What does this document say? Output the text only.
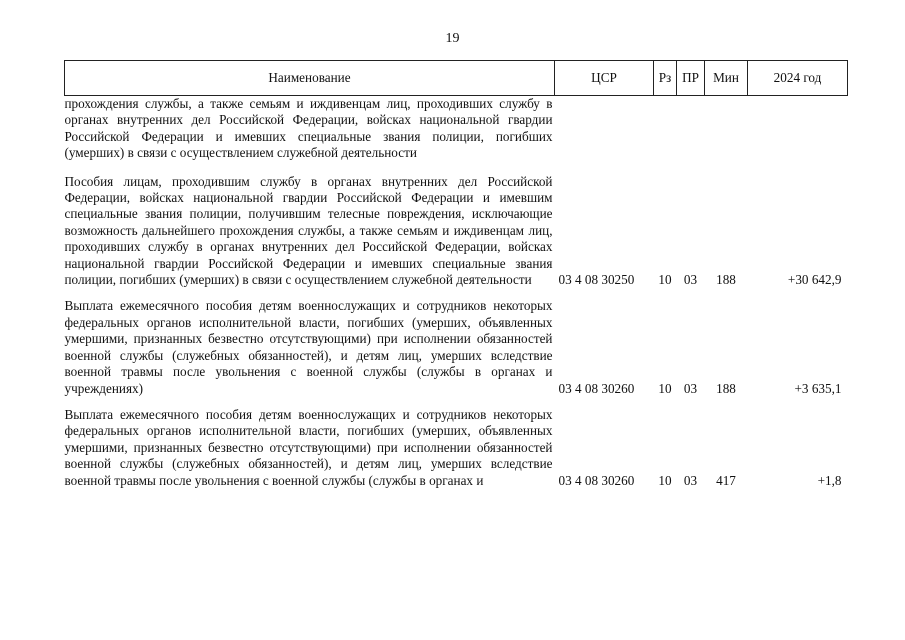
19
Наименование	ЦСР	Рз	ПР	Мин	2024 год
прохождения службы, а также семьям и иждивенцам лиц, проходивших службу в органах внутренних дел Российской Федерации, войсках национальной гвардии Российской Федерации и имевших специальные звания полиции, погибших (умерших) в связи с осуществлением служебной деятельности					

Пособия лицам, проходившим службу в органах внутренних дел Российской Федерации, войсках национальной гвардии Российской Федерации и имевшим специальные звания полиции, получившим телесные повреждения, исключающие возможность дальнейшего прохождения службы, а также семьям и иждивенцам лиц, проходивших службу в органах внутренних дел Российской Федерации, войсках национальной гвардии Российской Федерации и имевших специальные звания полиции, погибших (умерших) в связи с осуществлением служебной деятельности	03 4 08 30250	10	03	188	+30 642,9

Выплата ежемесячного пособия детям военнослужащих и сотрудников некоторых федеральных органов исполнительной власти, погибших (умерших, объявленных умершими, признанных безвестно отсутствующими) при исполнении обязанностей военной службы (служебных обязанностей), и детям лиц, умерших вследствие военной травмы после увольнения с военной службы (службы в органах и учреждениях)	03 4 08 30260	10	03	188	+3 635,1

Выплата ежемесячного пособия детям военнослужащих и сотрудников некоторых федеральных органов исполнительной власти, погибших (умерших, объявленных умершими, признанных безвестно отсутствующими) при исполнении обязанностей военной службы (служебных обязанностей), и детям лиц, умерших вследствие военной травмы после увольнения с военной службы (службы в органах и	03 4 08 30260	10	03	417	+1,8
